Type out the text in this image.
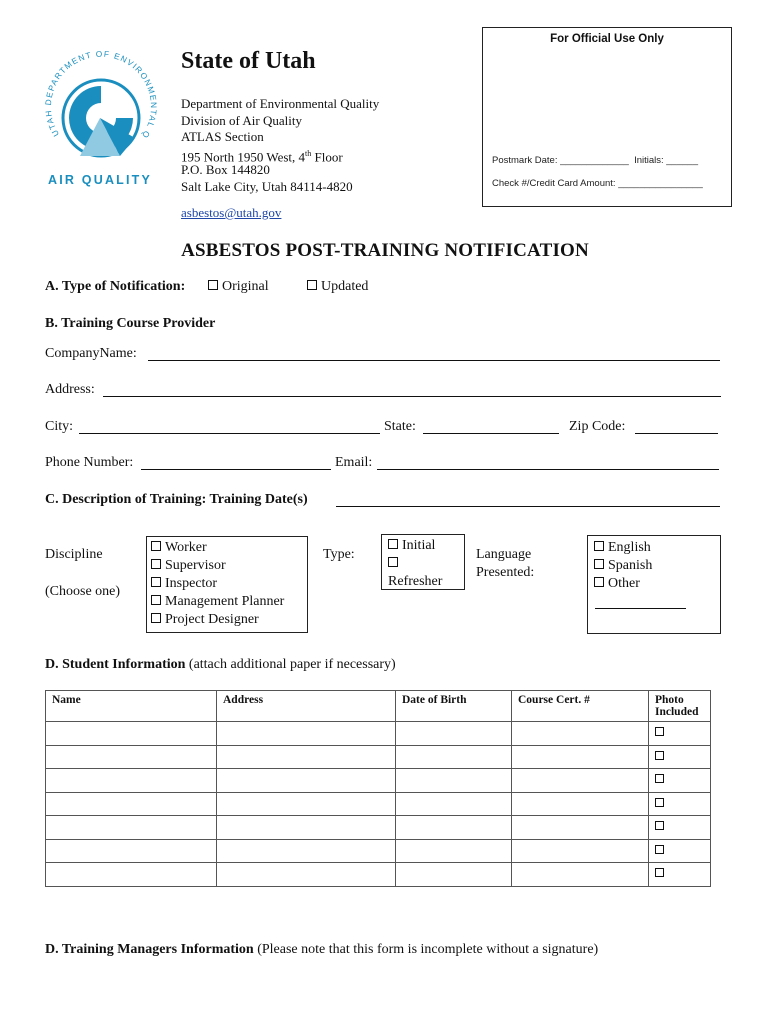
UTAH DEPARTMENT OF ENVIRONMENTAL Q
AIR QUALITY
State of Utah
Department of Environmental Quality
Division of Air Quality
ATLAS Section
195 North 1950 West, 4th Floor
P.O. Box 144820
Salt Lake City, Utah 84114-4820
asbestos@utah.gov
For Official Use Only
Postmark Date: _____________  Initials: ______
Check #/Credit Card Amount: ________________
ASBESTOS POST-TRAINING NOTIFICATION
A. Type of Notification:	Original	Updated
B. Training Course Provider
CompanyName:
Address:
City:	State:	Zip Code:
Phone Number:	Email:
C. Description of Training: Training Date(s)
Discipline
(Choose one)
Worker
Supervisor
Inspector
Management Planner
Project Designer
Type:
Initial
Refresher
Language
Presented:
English
Spanish
Other
D. Student Information (attach additional paper if necessary)
Name	Address	Date of Birth	Course Cert. #	Photo Included

D. Training Managers Information (Please note that this form is incomplete without a signature)
